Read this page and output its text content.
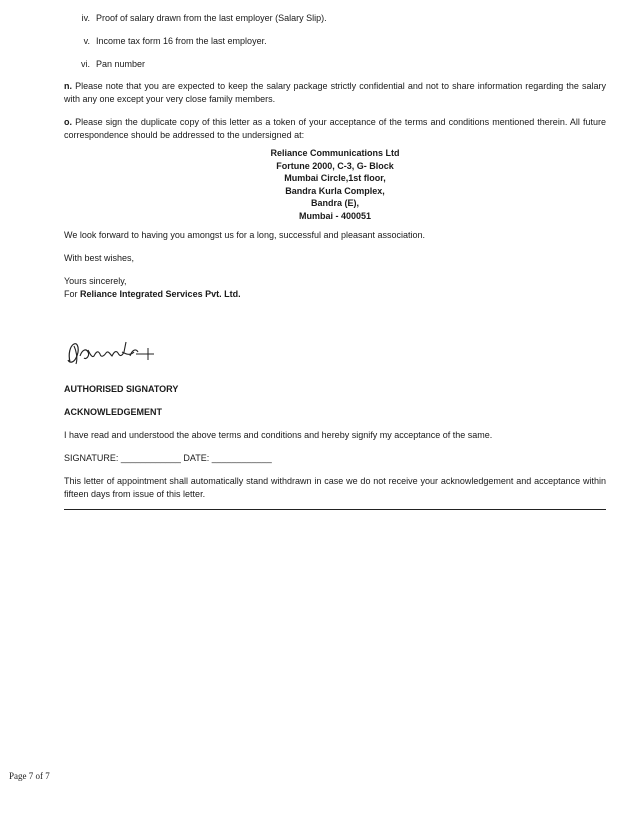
iv. Proof of salary drawn from the last employer (Salary Slip).
v. Income tax form 16 from the last employer.
vi. Pan number
n. Please note that you are expected to keep the salary package strictly confidential and not to share information regarding the salary with any one except your very close family members.
o. Please sign the duplicate copy of this letter as a token of your acceptance of the terms and conditions mentioned therein. All future correspondence should be addressed to the undersigned at:
Reliance Communications Ltd
Fortune 2000, C-3, G- Block
Mumbai Circle,1st floor,
Bandra Kurla Complex,
Bandra (E),
Mumbai - 400051
We look forward to having you amongst us for a long, successful and pleasant association.
With best wishes,
Yours sincerely,
For Reliance Integrated Services Pvt. Ltd.
AUTHORISED SIGNATORY
ACKNOWLEDGEMENT
I have read and understood the above terms and conditions and hereby signify my acceptance of the same.
SIGNATURE: ____________ DATE: ____________
This letter of appointment shall automatically stand withdrawn in case we do not receive your acknowledgement and acceptance within fifteen days from issue of this letter.
Page 7 of 7
